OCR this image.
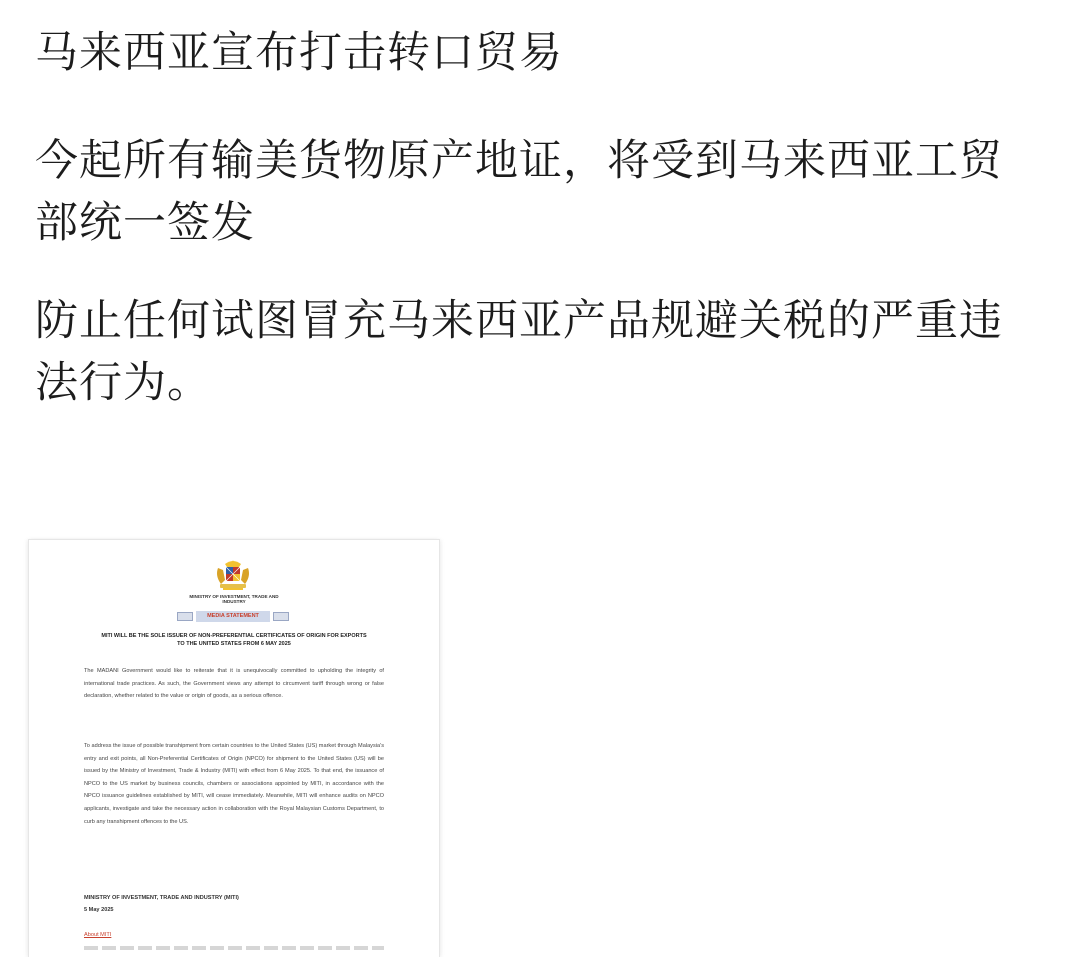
马来西亚宣布打击转口贸易

今起所有输美货物原产地证，将受到马来西亚工贸部统一签发

防止任何试图冒充马来西亚产品规避关税的严重违法行为。

MINISTRY OF INVESTMENT, TRADE AND INDUSTRY
MEDIA STATEMENT
MITI WILL BE THE SOLE ISSUER OF NON-PREFERENTIAL CERTIFICATES OF ORIGIN FOR EXPORTS TO THE UNITED STATES FROM 6 MAY 2025
The MADANI Government would like to reiterate that it is unequivocally committed to upholding the integrity of international trade practices. As such, the Government views any attempt to circumvent tariff through wrong or false declaration, whether related to the value or origin of goods, as a serious offence.
To address the issue of possible transhipment from certain countries to the United States (US) market through Malaysia's entry and exit points, all Non-Preferential Certificates of Origin (NPCO) for shipment to the United States (US) will be issued by the Ministry of Investment, Trade & Industry (MITI) with effect from 6 May 2025. To that end, the issuance of NPCO to the US market by business councils, chambers or associations appointed by MITI, in accordance with the NPCO issuance guidelines established by MITI, will cease immediately. Meanwhile, MITI will enhance audits on NPCO applicants, investigate and take the necessary action in collaboration with the Royal Malaysian Customs Department, to curb any transhipment offences to the US.
MINISTRY OF INVESTMENT, TRADE AND INDUSTRY (MITI)
5 May 2025
About MITI
